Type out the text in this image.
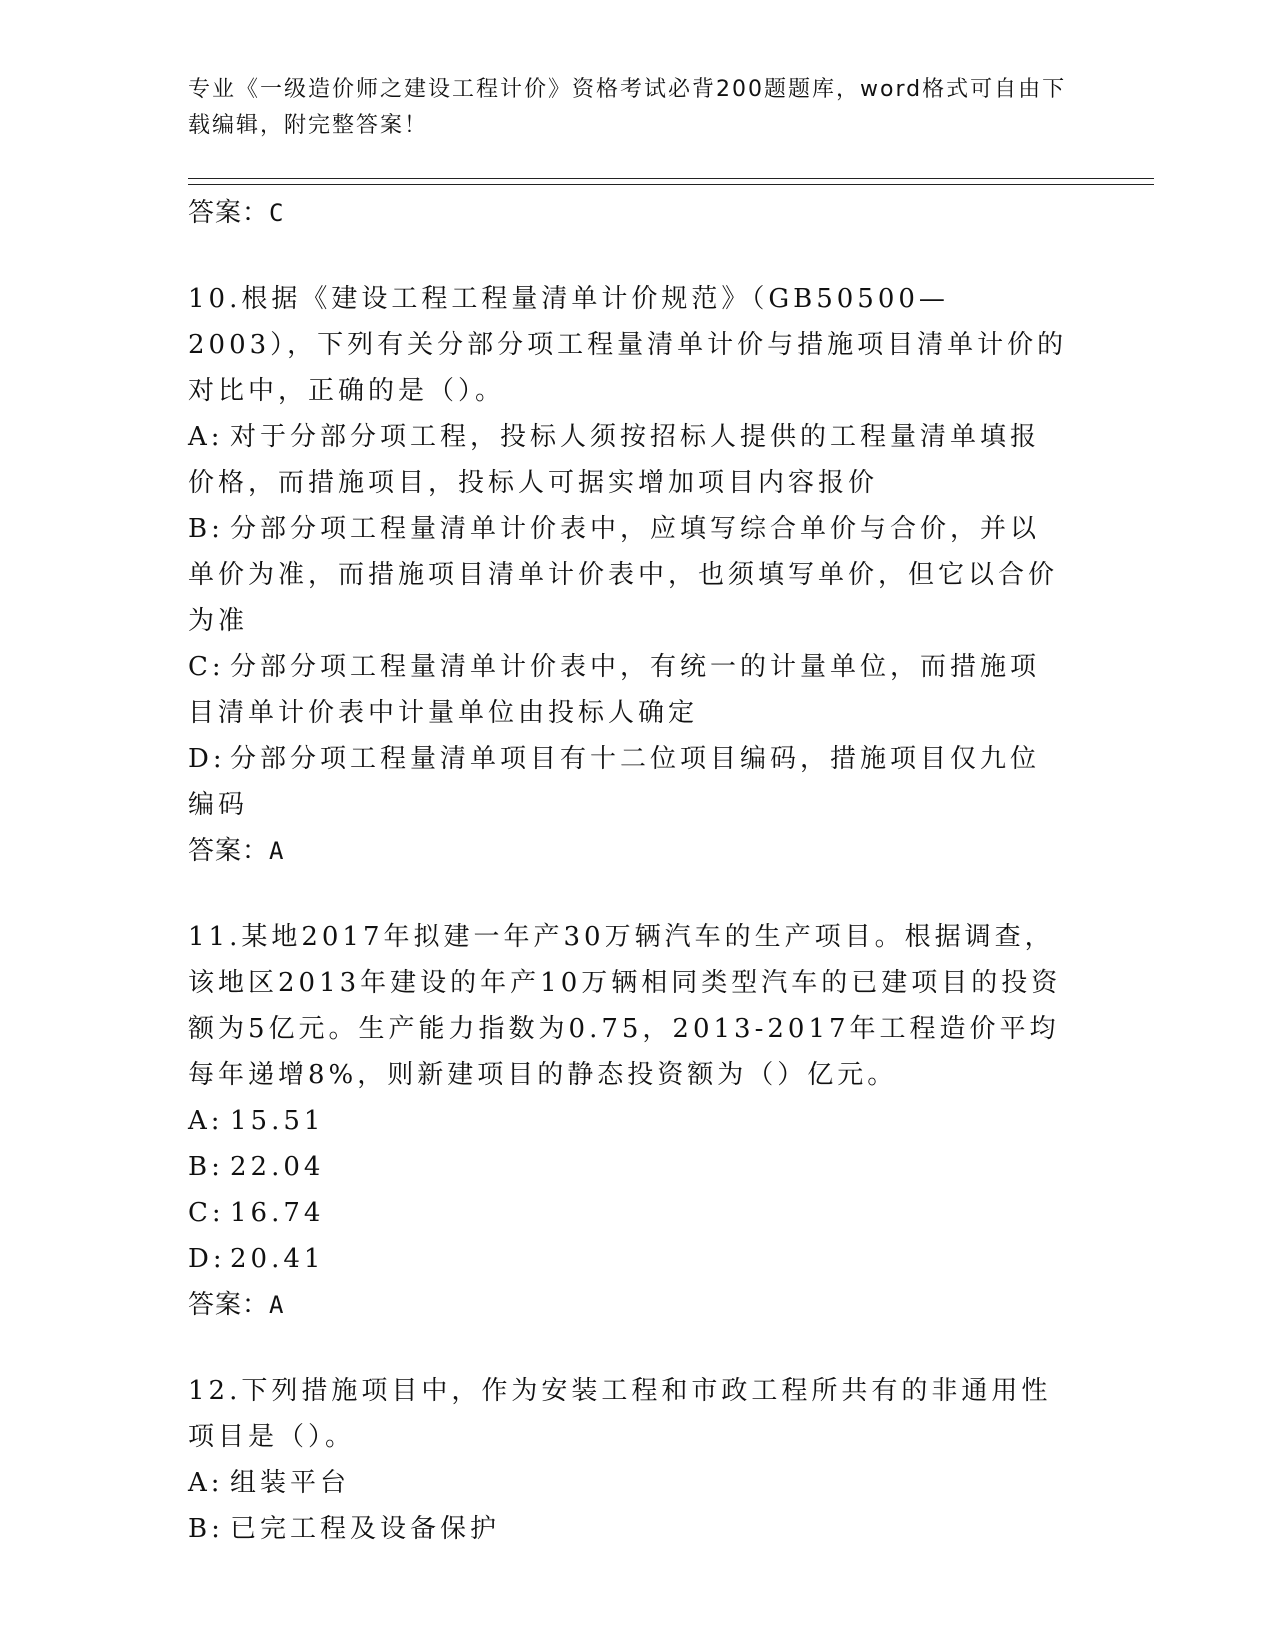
专业《一级造价师之建设工程计价》资格考试必背200题题库，word格式可自由下载编辑，附完整答案！
答案：C
10.根据《建设工程工程量清单计价规范》（GB50500—2003），下列有关分部分项工程量清单计价与措施项目清单计价的对比中，正确的是（）。
A: 对于分部分项工程，投标人须按招标人提供的工程量清单填报价格，而措施项目，投标人可据实增加项目内容报价
B: 分部分项工程量清单计价表中，应填写综合单价与合价，并以单价为准，而措施项目清单计价表中，也须填写单价，但它以合价为准
C: 分部分项工程量清单计价表中，有统一的计量单位，而措施项目清单计价表中计量单位由投标人确定
D: 分部分项工程量清单项目有十二位项目编码，措施项目仅九位编码
答案：A
11.某地2017年拟建一年产30万辆汽车的生产项目。根据调查，该地区2013年建设的年产10万辆相同类型汽车的已建项目的投资额为5亿元。生产能力指数为0.75，2013-2017年工程造价平均每年递增8%，则新建项目的静态投资额为（）亿元。
A: 15.51
B: 22.04
C: 16.74
D: 20.41
答案：A
12.下列措施项目中，作为安装工程和市政工程所共有的非通用性项目是（）。
A: 组装平台
B: 已完工程及设备保护
